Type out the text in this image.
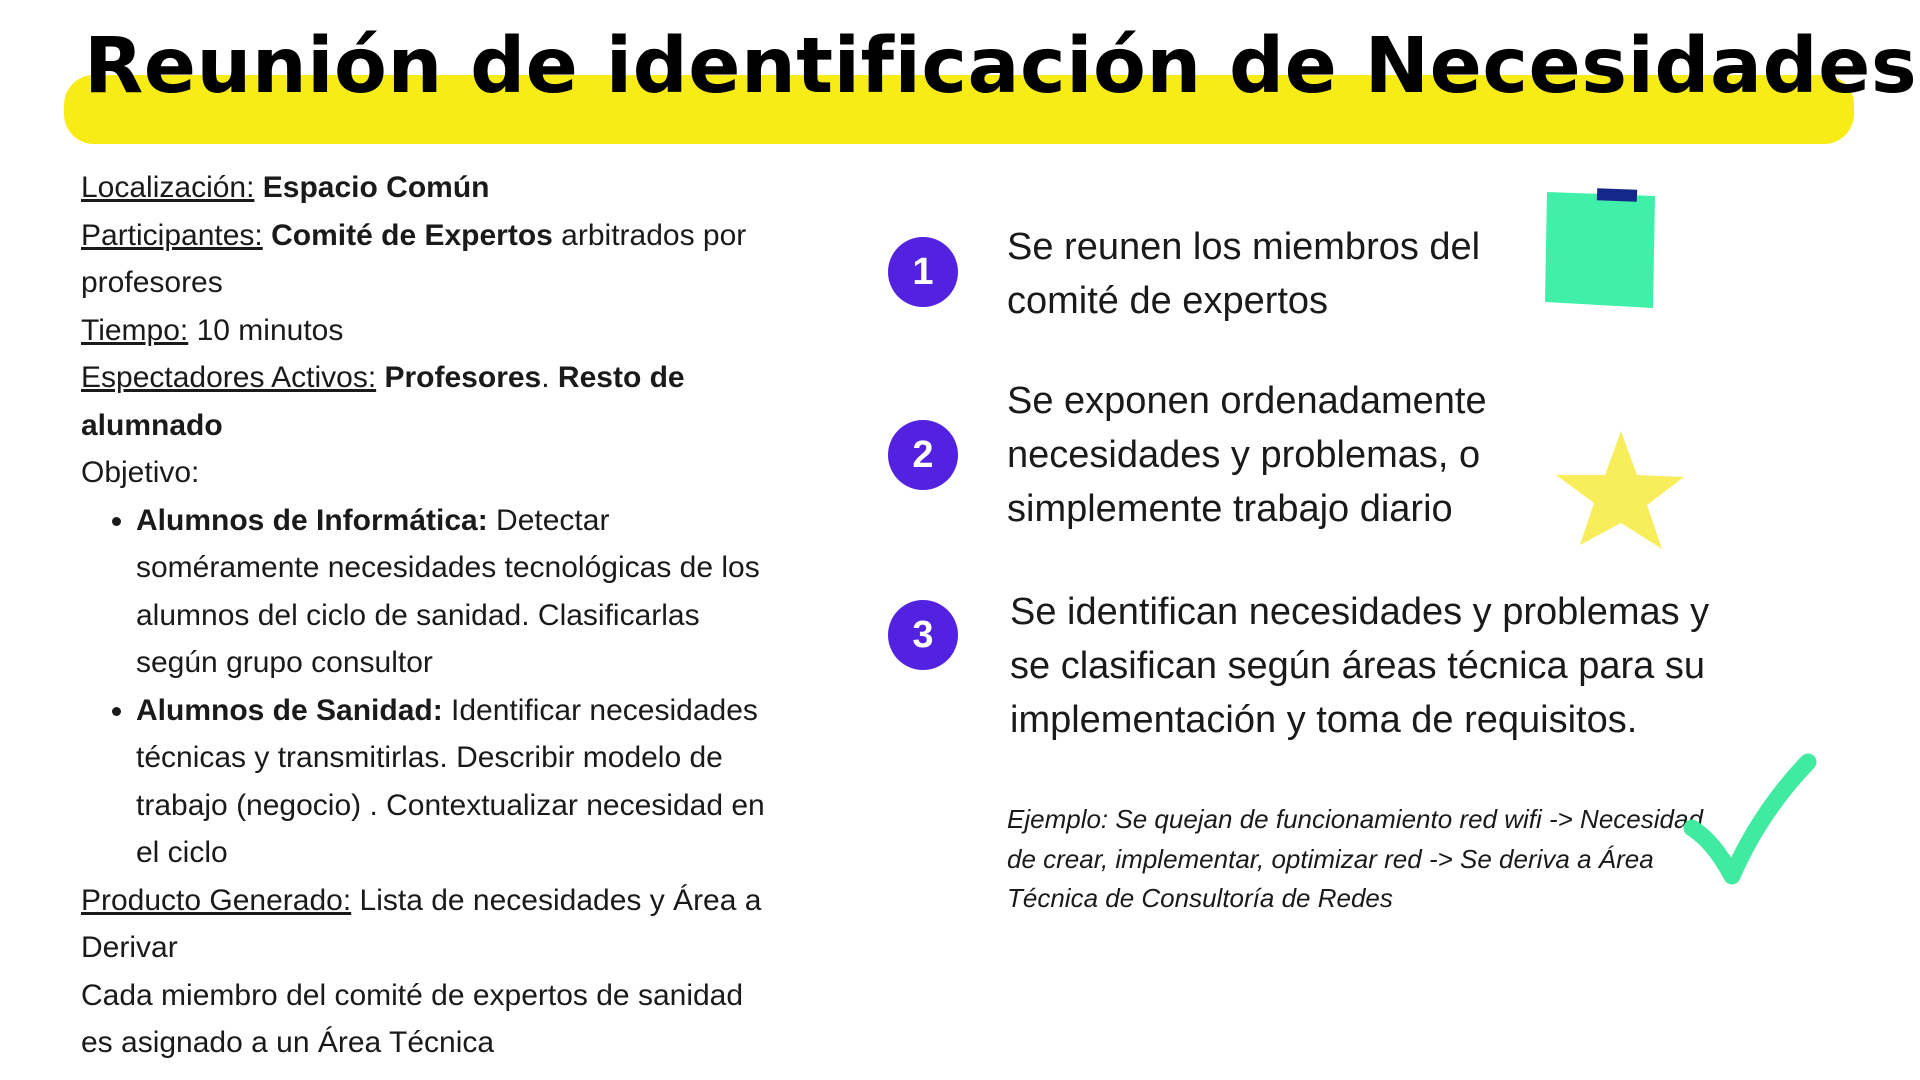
Reunión de identificación de Necesidades

Localización: Espacio Común

Participantes: Comité de Expertos arbitrados por profesores

Tiempo: 10 minutos

Espectadores Activos: Profesores. Resto de alumnado

Objetivo:

• Alumnos de Informática: Detectar soméramente necesidades tecnológicas de los alumnos del ciclo de sanidad. Clasificarlas según grupo consultor
• Alumnos de Sanidad: Identificar necesidades técnicas y transmitirlas. Describir modelo de trabajo (negocio) . Contextualizar necesidad en el ciclo

Producto Generado: Lista de necesidades y Área a Derivar

Cada miembro del comité de expertos de sanidad es asignado a un Área Técnica

1
Se reunen los miembros del comité de expertos
2
Se exponen ordenadamente necesidades y problemas, o simplemente trabajo diario
3
Se identifican necesidades y problemas y se clasifican según áreas técnica para su implementación y toma de requisitos.
Ejemplo: Se quejan de funcionamiento red wifi -> Necesidad de crear, implementar, optimizar red -> Se deriva a Área Técnica de Consultoría de Redes
